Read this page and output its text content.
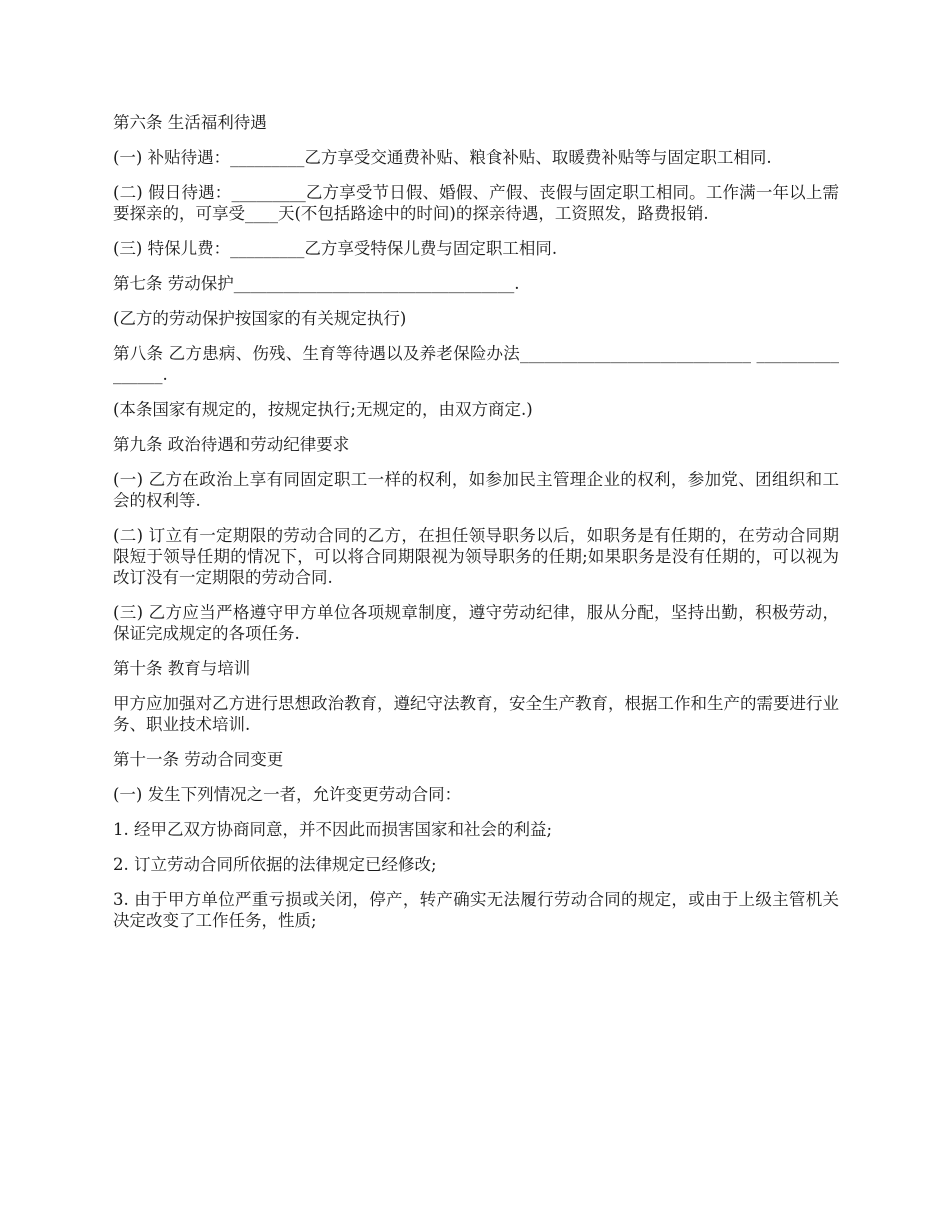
第六条 生活福利待遇

(一) 补贴待遇：_________乙方享受交通费补贴、粮食补贴、取暖费补贴等与固定职工相同.

(二) 假日待遇：_________乙方享受节日假、婚假、产假、丧假与固定职工相同。工作满一年以上需要探亲的，可享受____天(不包括路途中的时间)的探亲待遇，工资照发，路费报销.

(三) 特保儿费：_________乙方享受特保儿费与固定职工相同.

第七条 劳动保护__________________________________.

(乙方的劳动保护按国家的有关规定执行)

第八条 乙方患病、伤残、生育等待遇以及养老保险办法____________________________ ________________.

(本条国家有规定的，按规定执行;无规定的，由双方商定.)

第九条 政治待遇和劳动纪律要求

(一) 乙方在政治上享有同固定职工一样的权利，如参加民主管理企业的权利，参加党、团组织和工会的权利等.

(二) 订立有一定期限的劳动合同的乙方，在担任领导职务以后，如职务是有任期的，在劳动合同期限短于领导任期的情况下，可以将合同期限视为领导职务的任期;如果职务是没有任期的，可以视为改订没有一定期限的劳动合同.

(三) 乙方应当严格遵守甲方单位各项规章制度，遵守劳动纪律，服从分配，坚持出勤，积极劳动，保证完成规定的各项任务.

第十条 教育与培训

甲方应加强对乙方进行思想政治教育，遵纪守法教育，安全生产教育，根据工作和生产的需要进行业务、职业技术培训.

第十一条 劳动合同变更

(一) 发生下列情况之一者，允许变更劳动合同：

1. 经甲乙双方协商同意，并不因此而损害国家和社会的利益;

2. 订立劳动合同所依据的法律规定已经修改;

3. 由于甲方单位严重亏损或关闭，停产，转产确实无法履行劳动合同的规定，或由于上级主管机关决定改变了工作任务，性质;
